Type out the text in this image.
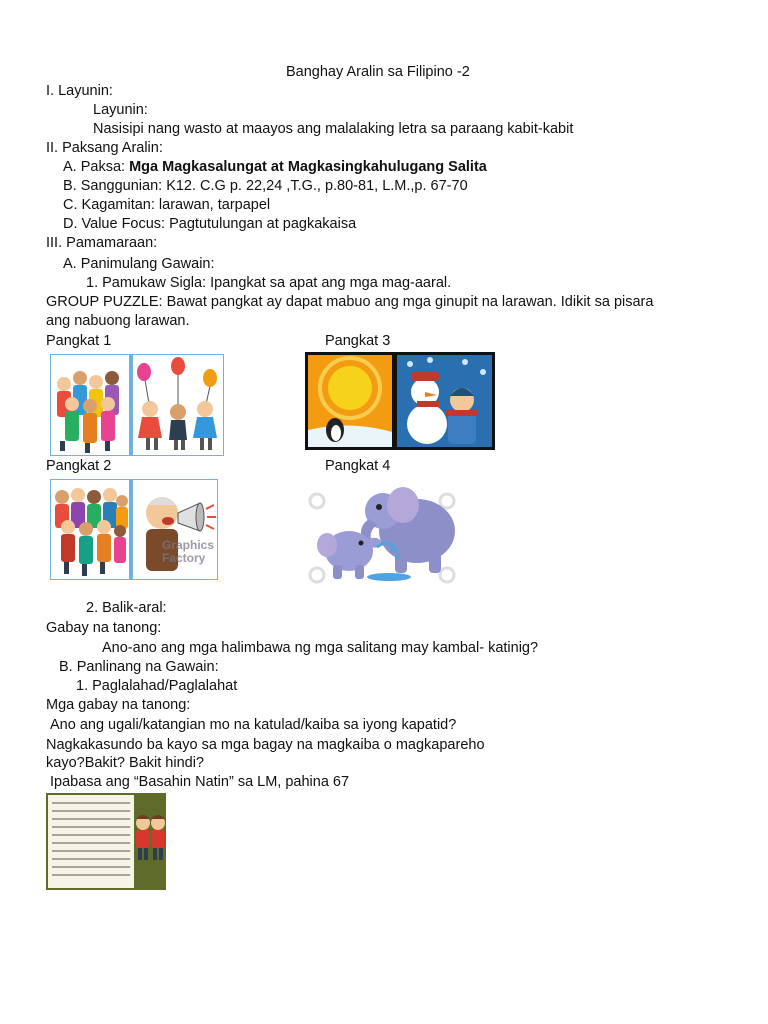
Banghay Aralin sa Filipino -2
I. Layunin:
Layunin:
Nasisipi nang wasto at maayos ang malalaking letra sa paraang kabit-kabit
II. Paksang Aralin:
A. Paksa: Mga Magkasalungat at Magkasingkahulugang Salita
B. Sanggunian: K12. C.G p. 22,24 ,T.G., p.80-81, L.M.,p. 67-70
C. Kagamitan: larawan, tarpapel
D. Value Focus: Pagtutulungan at pagkakaisa
III. Pamamaraan:
A. Panimulang Gawain:
1. Pamukaw Sigla: Ipangkat sa apat ang mga mag-aaral.
GROUP PUZZLE: Bawat pangkat ay dapat mabuo ang mga ginupit na larawan. Idikit sa pisara
ang nabuong larawan.
Pangkat 1	Pangkat 3
Pangkat 2	Pangkat 4
Graphics Factory
2. Balik-aral:
Gabay na tanong:
Ano-ano ang mga halimbawa ng mga salitang may kambal- katinig?
B. Panlinang na Gawain:
1. Paglalahad/Paglalahat
Mga gabay na tanong:
Ano ang ugali/katangian mo na katulad/kaiba sa iyong kapatid?
Nagkakasundo ba kayo sa mga bagay na magkaiba o magkapareho
kayo?Bakit? Bakit hindi?
Ipabasa ang “Basahin Natin” sa LM, pahina 67
